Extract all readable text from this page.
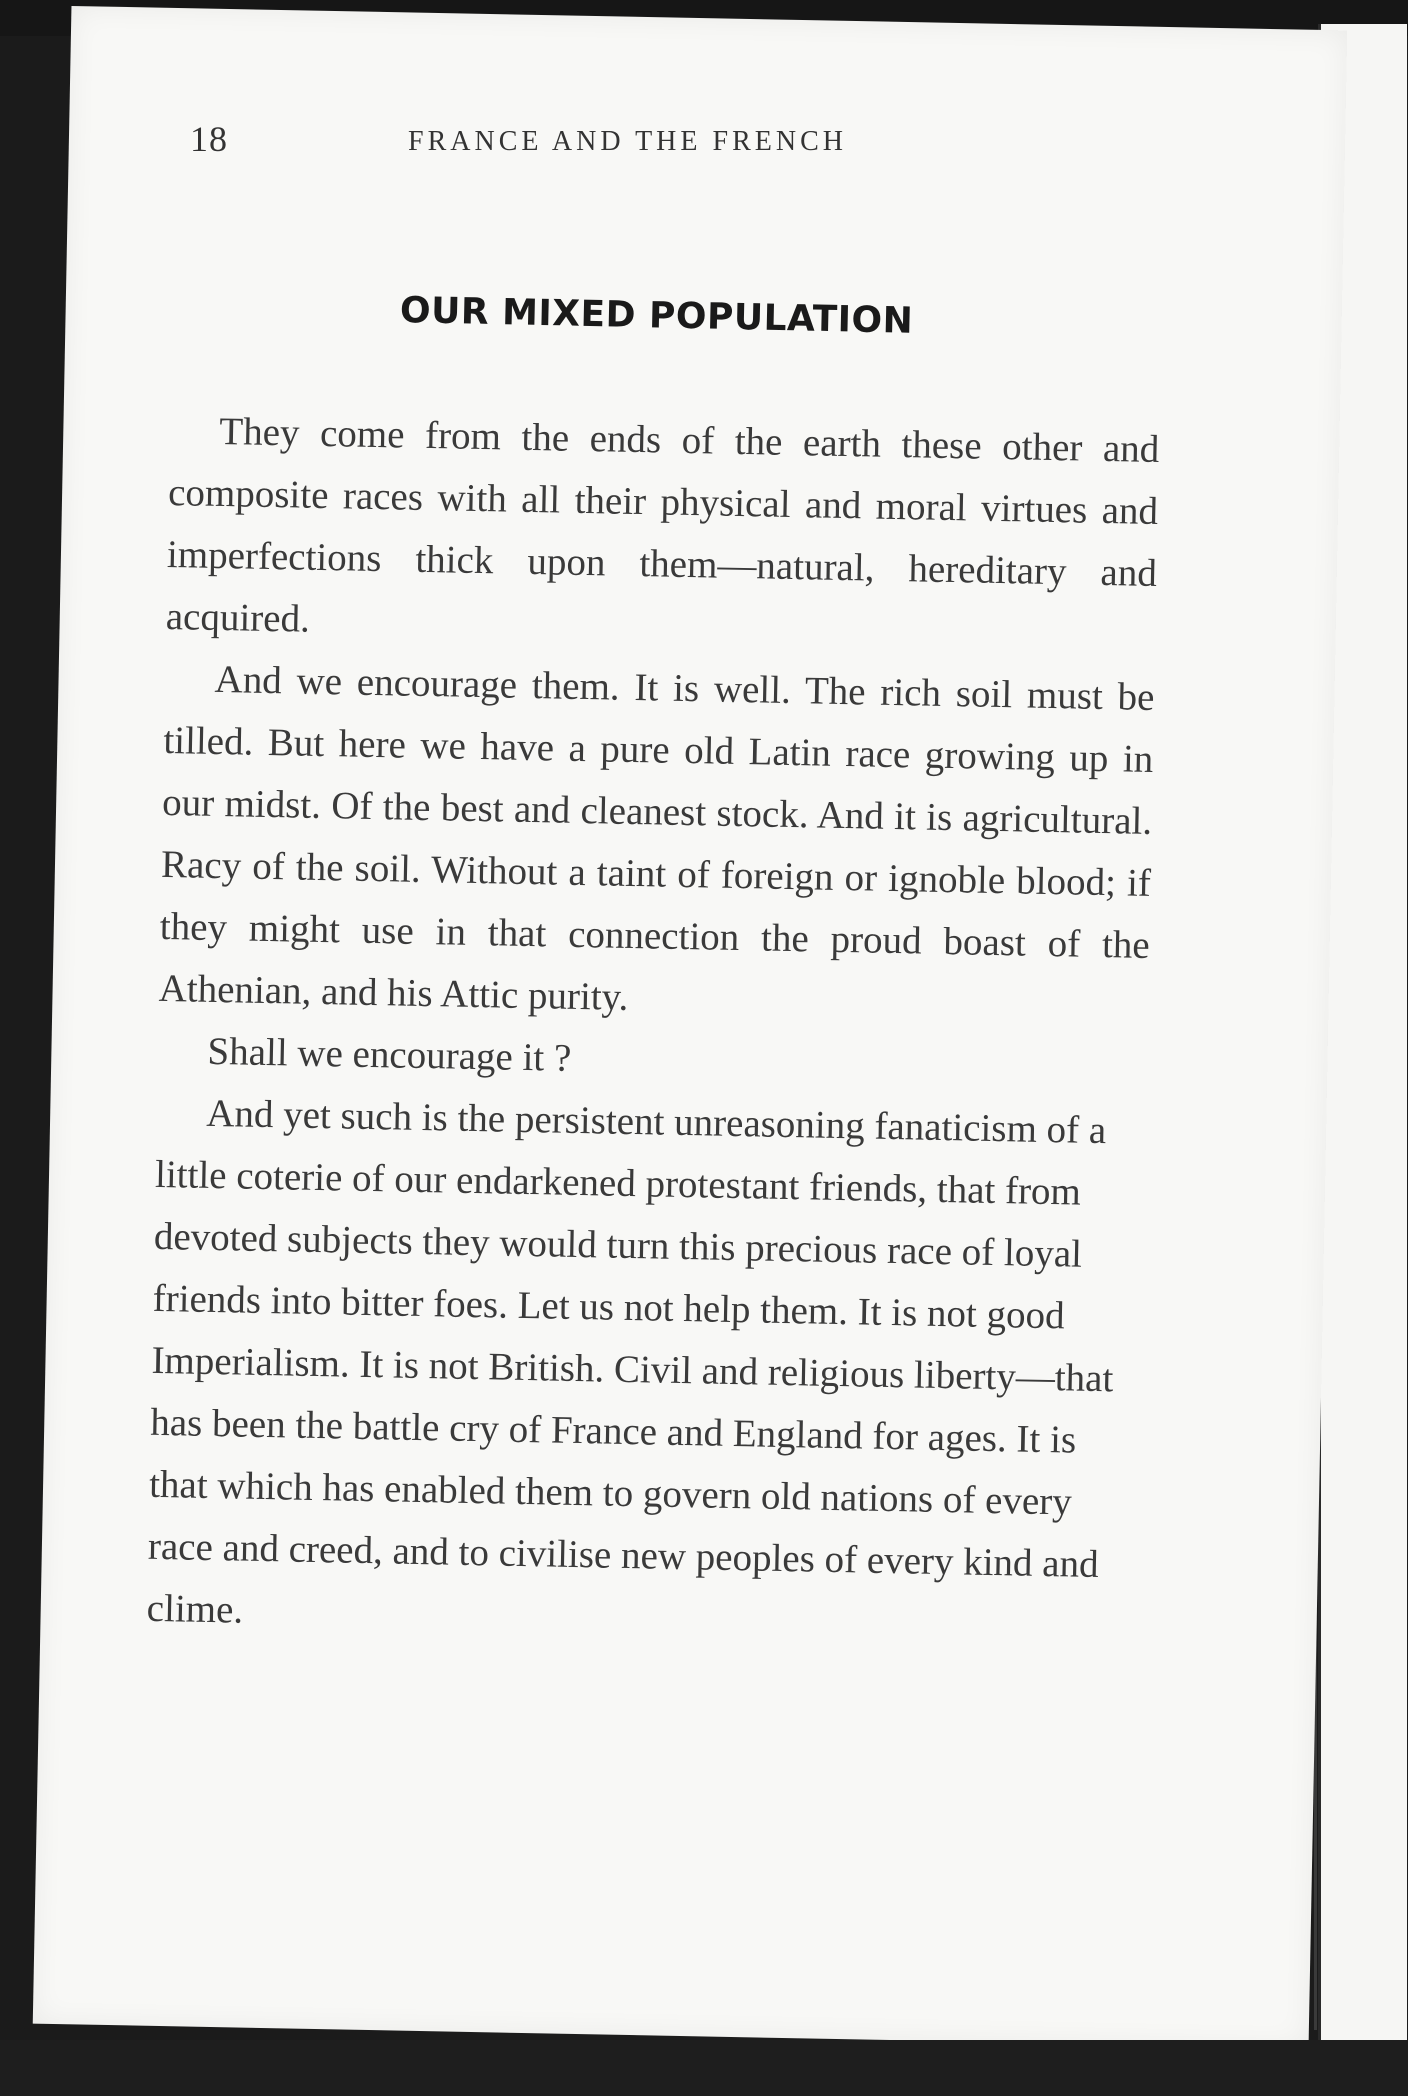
18	FRANCE AND THE FRENCH
OUR MIXED POPULATION

They come from the ends of the earth these other and composite races with all their physical and moral virtues and imperfections thick upon them—natural, hereditary and acquired.

And we encourage them. It is well. The rich soil must be tilled. But here we have a pure old Latin race growing up in our midst. Of the best and cleanest stock. And it is agricultural. Racy of the soil. Without a taint of foreign or ignoble blood; if they might use in that connection the proud boast of the Athenian, and his Attic purity.

Shall we encourage it ?

And yet such is the persistent unreasoning fanaticism of a little coterie of our endarkened protestant friends, that from devoted subjects they would turn this precious race of loyal friends into bitter foes. Let us not help them. It is not good Imperialism. It is not British. Civil and religious liberty—that has been the battle cry of France and England for ages. It is that which has enabled them to govern old nations of every race and creed, and to civilise new peoples of every kind and clime.
